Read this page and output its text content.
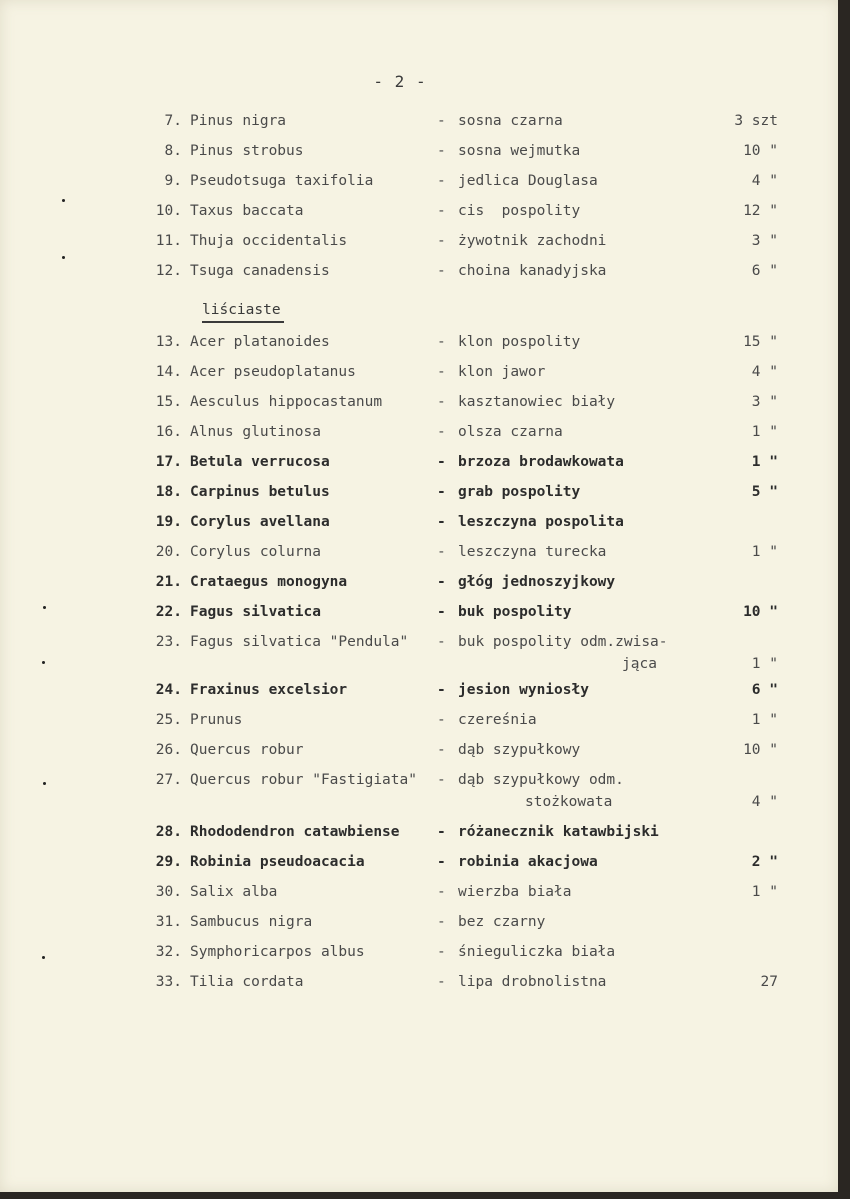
- 2 -
liściaste
7. Pinus nigra	- sosna czarna	3 szt
8. Pinus strobus	- sosna wejmutka	10 "
9. Pseudotsuga taxifolia	- jedlica Douglasa	4 "
10. Taxus baccata	- cis  pospolity	12 "
11. Thuja occidentalis	- żywotnik zachodni	3 "
12. Tsuga canadensis	- choina kanadyjska	6 "
13. Acer platanoides	- klon pospolity	15 "
14. Acer pseudoplatanus	- klon jawor	4 "
15. Aesculus hippocastanum	- kasztanowiec biały	3 "
16. Alnus glutinosa	- olsza czarna	1 "
17. Betula verrucosa	- brzoza brodawkowata	1 "
18. Carpinus betulus	- grab pospolity	5 "
19. Corylus avellana	- leszczyna pospolita
20. Corylus colurna	- leszczyna turecka	1 "
21. Crataegus monogyna	- głóg jednoszyjkowy
22. Fagus silvatica	- buk pospolity	10 "
23. Fagus silvatica "Pendula" - buk pospolity odm.zwisa-
jąca	1 "
24. Fraxinus excelsior	- jesion wyniosły	6 "
25. Prunus	- czereśnia	1 "
26. Quercus robur	- dąb szypułkowy	10 "
27. Quercus robur "Fastigiata" - dąb szypułkowy odm.
stożkowata	4 "
28. Rhododendron catawbiense	- różanecznik katawbijski
29. Robinia pseudoacacia	- robinia akacjowa	2 "
30. Salix alba	- wierzba biała	1 "
31. Sambucus nigra	- bez czarny
32. Symphoricarpos albus	- śnieguliczka biała
33. Tilia cordata	- lipa drobnolistna	27
